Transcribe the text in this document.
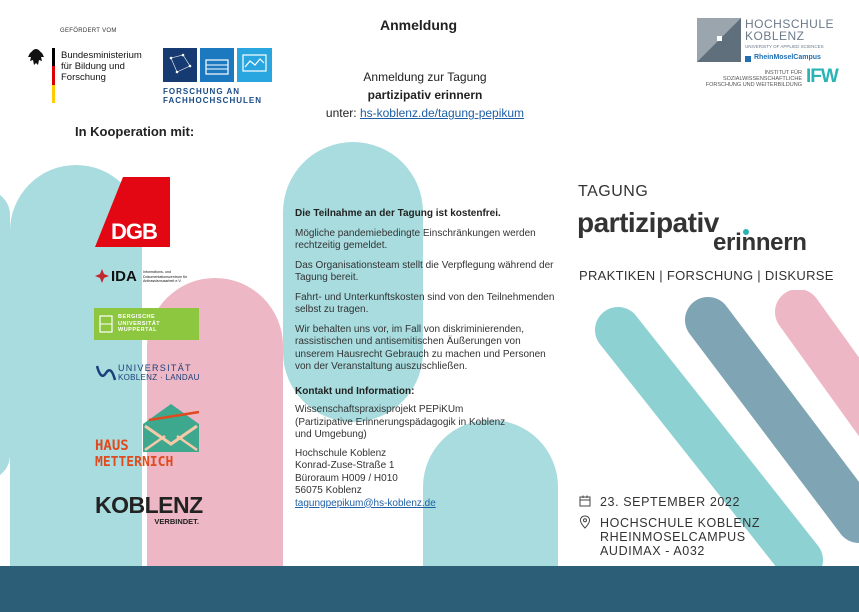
GEFÖRDERT VOM
Bundesministerium für Bildung und Forschung
FORSCHUNG AN FACHHOCHSCHULEN
Anmeldung
Anmeldung zur Tagung
partizipativ erinnern
unter: hs-koblenz.de/tagung-pepikum
In Kooperation mit:
DGB
IDA Informations- und Dokumentationszentrum für Antirassismusarbeit e.V.
BERGISCHE UNIVERSITÄT WUPPERTAL
UNIVERSITÄT
KOBLENZ · LANDAU
HAUS
METTERNICH
KOBLENZ
VERBINDET.

Die Teilnahme an der Tagung ist kostenfrei.

Mögliche pandemiebedingte Einschränkungen werden rechtzeitig gemeldet.

Das Organisationsteam stellt die Verpflegung während der Tagung bereit.

Fahrt- und Unterkunftskosten sind von den Teilnehmenden selbst zu tragen.

Wir behalten uns vor, im Fall von diskriminierenden, rassistischen und antisemitischen Äußerungen von unserem Hausrecht Gebrauch zu machen und Personen von der Veranstaltung auszuschließen.

Kontakt und Information:

Wissenschaftspraxisprojekt PEPiKUm (Partizipative Erinnerungspädagogik in Koblenz und Umgebung)

Hochschule Koblenz

Konrad-Zuse-Straße 1

Büroraum H009 / H010

56075 Koblenz

tagungpepikum@hs-koblenz.de

HOCHSCHULE
KOBLENZ
UNIVERSITY OF APPLIED SCIENCES
RheinMoselCampus
INSTITUT FÜR SOZIALWISSENSCHAFTLICHE FORSCHUNG UND WEITERBILDUNG IFW
TAGUNG
partizipativ
erinnern
PRAKTIKEN | FORSCHUNG | DISKURSE
23. SEPTEMBER 2022
HOCHSCHULE KOBLENZ
RHEINMOSELCAMPUS
AUDIMAX - A032
